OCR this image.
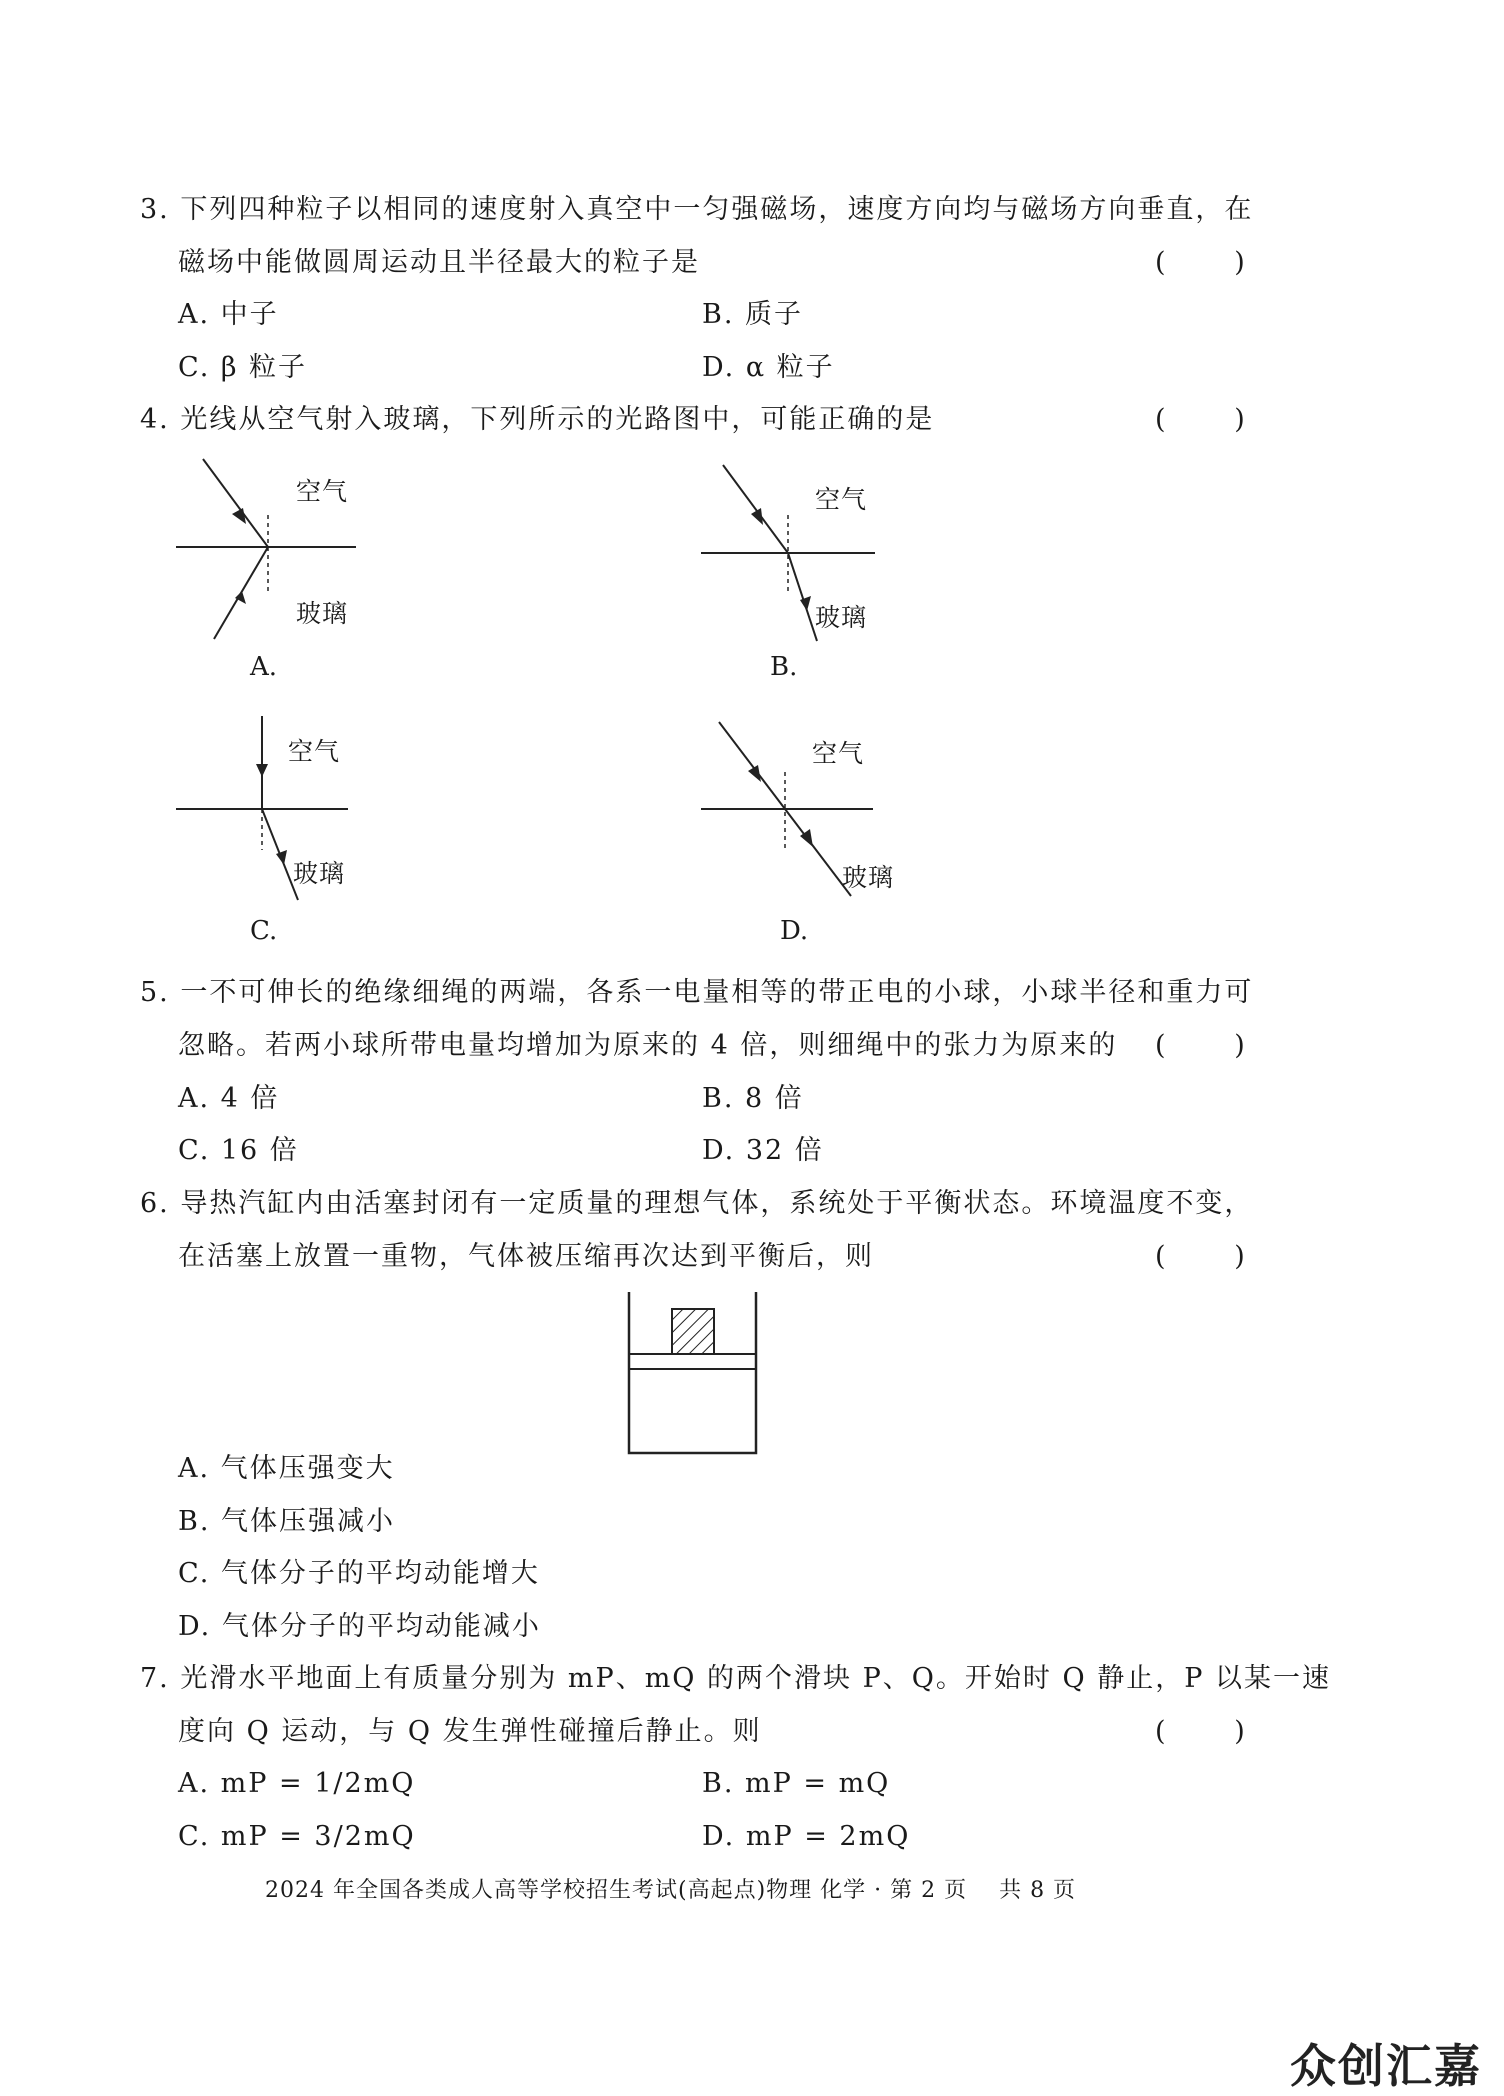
3. 下列四种粒子以相同的速度射入真空中一匀强磁场，速度方向均与磁场方向垂直，在
磁场中能做圆周运动且半径最大的粒子是	(        )
A. 中子	B. 质子
C. β 粒子	D. α 粒子
4. 光线从空气射入玻璃，下列所示的光路图中，可能正确的是	(        )
空气
玻璃
A.
空气
玻璃
B.
空气
玻璃
C.
空气
玻璃
D.
5. 一不可伸长的绝缘细绳的两端，各系一电量相等的带正电的小球，小球半径和重力可
忽略。若两小球所带电量均增加为原来的 4 倍，则细绳中的张力为原来的 (        )
A. 4 倍	B. 8 倍
C. 16 倍	D. 32 倍
6. 导热汽缸内由活塞封闭有一定质量的理想气体，系统处于平衡状态。环境温度不变，
在活塞上放置一重物，气体被压缩再次达到平衡后，则	(        )
A. 气体压强变大
B. 气体压强减小
C. 气体分子的平均动能增大
D. 气体分子的平均动能减小
7. 光滑水平地面上有质量分别为 mP、mQ 的两个滑块 P、Q。开始时 Q 静止，P 以某一速
度向 Q 运动，与 Q 发生弹性碰撞后静止。则	(        )
A. mP = 1/2mQ	B. mP = mQ
C. mP = 3/2mQ	D. mP = 2mQ
2024 年全国各类成人高等学校招生考试(高起点)物理 化学 · 第 2 页    共 8 页
众创汇嘉
